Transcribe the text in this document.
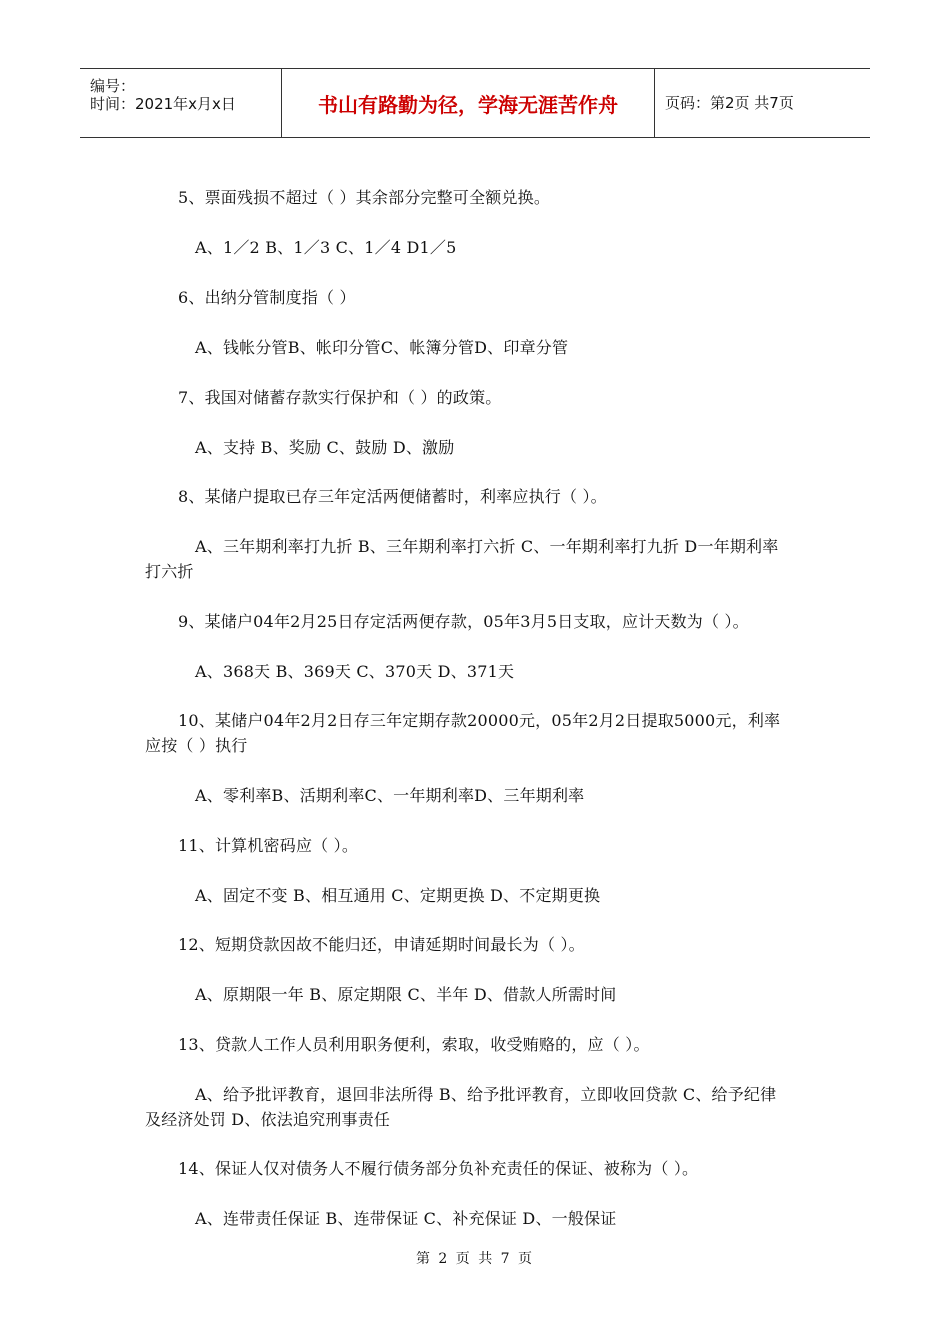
编号：
时间：2021年x月x日	书山有路勤为径，学海无涯苦作舟	页码：第2页 共7页
5、票面残损不超过（ ）其余部分完整可全额兑换。
A、1／2 B、1／3 C、1／4 D1／5
6、出纳分管制度指（ ）
A、钱帐分管B、帐印分管C、帐簿分管D、印章分管
7、我国对储蓄存款实行保护和（ ）的政策。
A、支持 B、奖励 C、鼓励 D、激励
8、某储户提取已存三年定活两便储蓄时，利率应执行（ ）。
A、三年期利率打九折 B、三年期利率打六折 C、一年期利率打九折 D一年期利率
打六折
9、某储户04年2月25日存定活两便存款，05年3月5日支取，应计天数为（ ）。
A、368天 B、369天 C、370天 D、371天
10、某储户04年2月2日存三年定期存款20000元，05年2月2日提取5000元，利率
应按（ ）执行
A、零利率B、活期利率C、一年期利率D、三年期利率
11、计算机密码应（ ）。
A、固定不变 B、相互通用 C、定期更换 D、不定期更换
12、短期贷款因故不能归还，申请延期时间最长为（ ）。
A、原期限一年 B、原定期限 C、半年 D、借款人所需时间
13、贷款人工作人员利用职务便利，索取，收受贿赂的，应（ ）。
A、给予批评教育，退回非法所得 B、给予批评教育，立即收回贷款 C、给予纪律
及经济处罚 D、依法追究刑事责任
14、保证人仅对债务人不履行债务部分负补充责任的保证、被称为（ ）。
A、连带责任保证 B、连带保证 C、补充保证 D、一般保证
第 2 页 共 7 页
